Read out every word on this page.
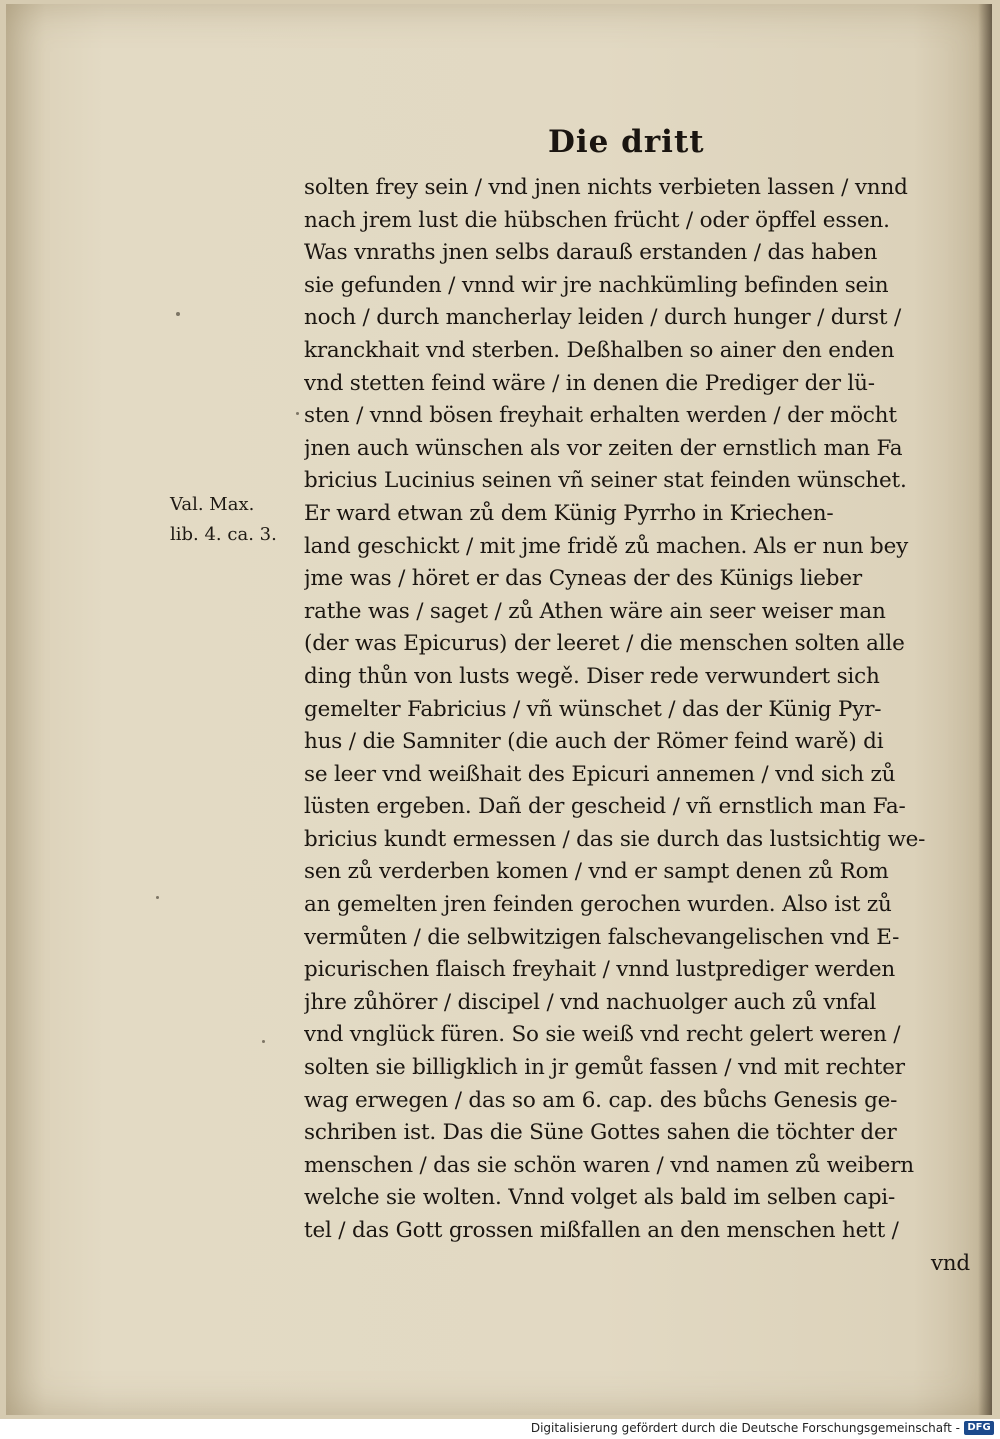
Die dritt
Val. Max.
lib. 4. ca. 3.
solten frey sein / vnd jnen nichts verbieten lassen / vnnd
nach jrem lust die hübschen frücht / oder öpffel essen.
Was vnraths jnen selbs darauß erstanden / das haben
sie gefunden / vnnd wir jre nachkümling befinden sein
noch / durch mancherlay leiden / durch hunger / durst /
kranckhait vnd sterben. Deßhalben so ainer den enden
vnd stetten feind wäre / in denen die Prediger der lü-
sten / vnnd bösen freyhait erhalten werden / der möcht
jnen auch wünschen als vor zeiten der ernstlich man Fa
bricius Lucinius seinen vñ seiner stat feinden wünschet.
Er ward etwan zů dem Künig Pyrrho in Kriechen-
land geschickt / mit jme fridě zů machen. Als er nun bey
jme was / höret er das Cyneas der des Künigs lieber
rathe was / saget / zů Athen wäre ain seer weiser man
(der was Epicurus) der leeret / die menschen solten alle
ding thůn von lusts wegě. Diser rede verwundert sich
gemelter Fabricius / vñ wünschet / das der Künig Pyr-
hus / die Samniter (die auch der Römer feind warě) di
se leer vnd weißhait des Epicuri annemen / vnd sich zů
lüsten ergeben. Dañ der gescheid / vñ ernstlich man Fa-
bricius kundt ermessen / das sie durch das lustsichtig we-
sen zů verderben komen / vnd er sampt denen zů Rom
an gemelten jren feinden gerochen wurden. Also ist zů
vermůten / die selbwitzigen falschevangelischen vnd E-
picurischen flaisch freyhait / vnnd lustprediger werden
jhre zůhörer / discipel / vnd nachuolger auch zů vnfal
vnd vnglück füren. So sie weiß vnd recht gelert weren /
solten sie billigklich in jr gemůt fassen / vnd mit rechter
wag erwegen / das so am 6. cap. des bůchs Genesis ge-
schriben ist. Das die Süne Gottes sahen die töchter der
menschen / das sie schön waren / vnd namen zů weibern
welche sie wolten. Vnnd volget als bald im selben capi-
tel / das Gott grossen mißfallen an den menschen hett /
vnd
Digitalisierung gefördert durch die Deutsche Forschungsgemeinschaft - DFG
